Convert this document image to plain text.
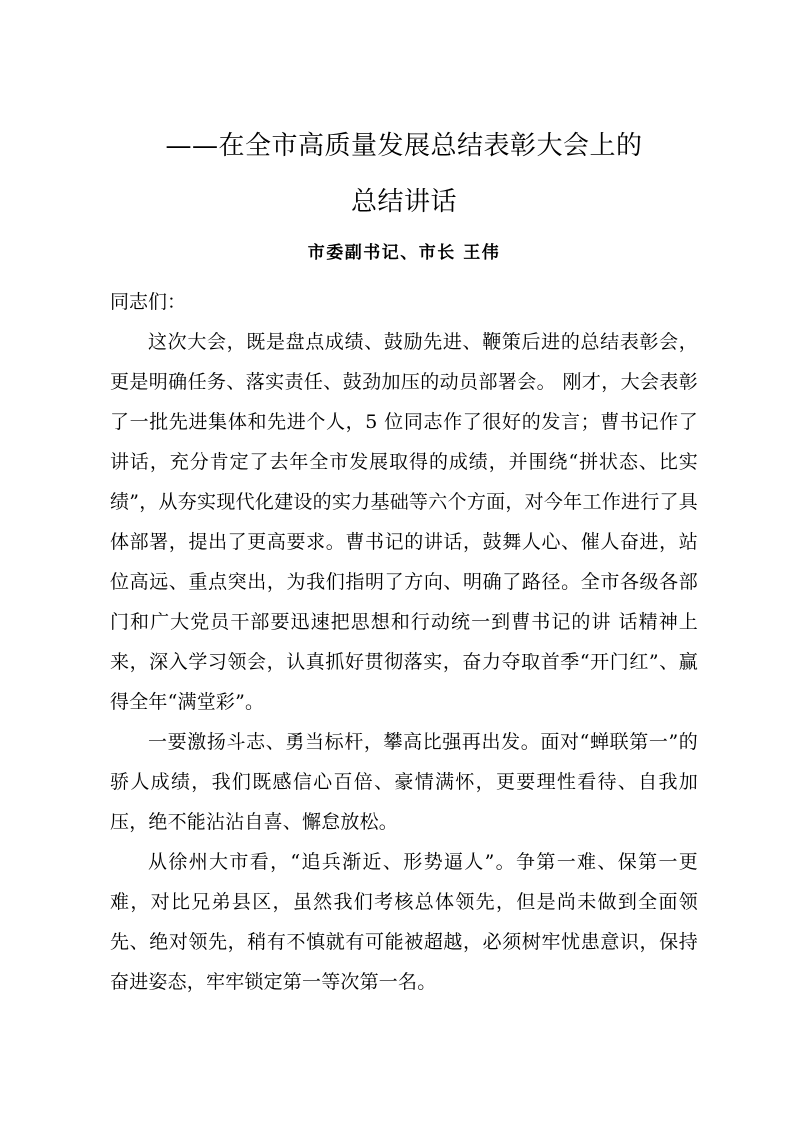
——在全市高质量发展总结表彰大会上的
总结讲话
市委副书记、市长 王伟

同志们：

这次大会，既是盘点成绩、鼓励先进、鞭策后进的总结表彰会，更是明确任务、落实责任、鼓劲加压的动员部署会。 刚才，大会表彰了一批先进集体和先进个人，5 位同志作了很好的发言；曹书记作了讲话，充分肯定了去年全市发展取得的成绩，并围绕“拼状态、比实绩”，从夯实现代化建设的实力基础等六个方面，对今年工作进行了具体部署，提出了更高要求。曹书记的讲话，鼓舞人心、催人奋进，站位高远、重点突出，为我们指明了方向、明确了路径。全市各级各部门和广大党员干部要迅速把思想和行动统一到曹书记的讲 话精神上来，深入学习领会，认真抓好贯彻落实，奋力夺取首季“开门红”、赢得全年“满堂彩”。

一要激扬斗志、勇当标杆，攀高比强再出发。面对“蝉联第一”的骄人成绩，我们既感信心百倍、豪情满怀，更要理性看待、自我加压，绝不能沾沾自喜、懈怠放松。

从徐州大市看，“追兵渐近、形势逼人”。争第一难、保第一更难，对比兄弟县区，虽然我们考核总体领先，但是尚未做到全面领先、绝对领先，稍有不慎就有可能被超越，必须树牢忧患意识，保持奋进姿态，牢牢锁定第一等次第一名。
